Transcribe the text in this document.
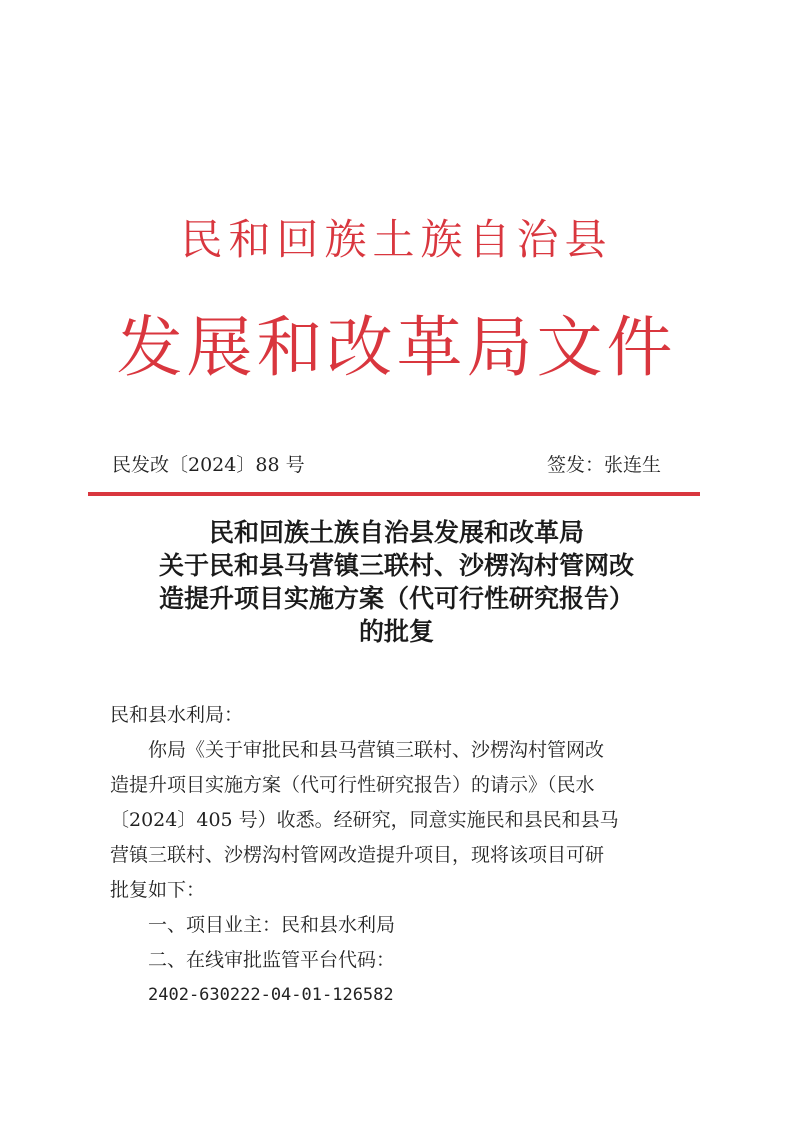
民和回族土族自治县
发展和改革局文件
民发改〔2024〕88 号	签发：张连生
民和回族土族自治县发展和改革局
关于民和县马营镇三联村、沙楞沟村管网改
造提升项目实施方案（代可行性研究报告）
的批复

民和县水利局：

你局《关于审批民和县马营镇三联村、沙楞沟村管网改

造提升项目实施方案（代可行性研究报告）的请示》（民水

〔2024〕405 号）收悉。经研究，同意实施民和县民和县马

营镇三联村、沙楞沟村管网改造提升项目，现将该项目可研

批复如下：

一、项目业主：民和县水利局

二、在线审批监管平台代码：

2402-630222-04-01-126582
